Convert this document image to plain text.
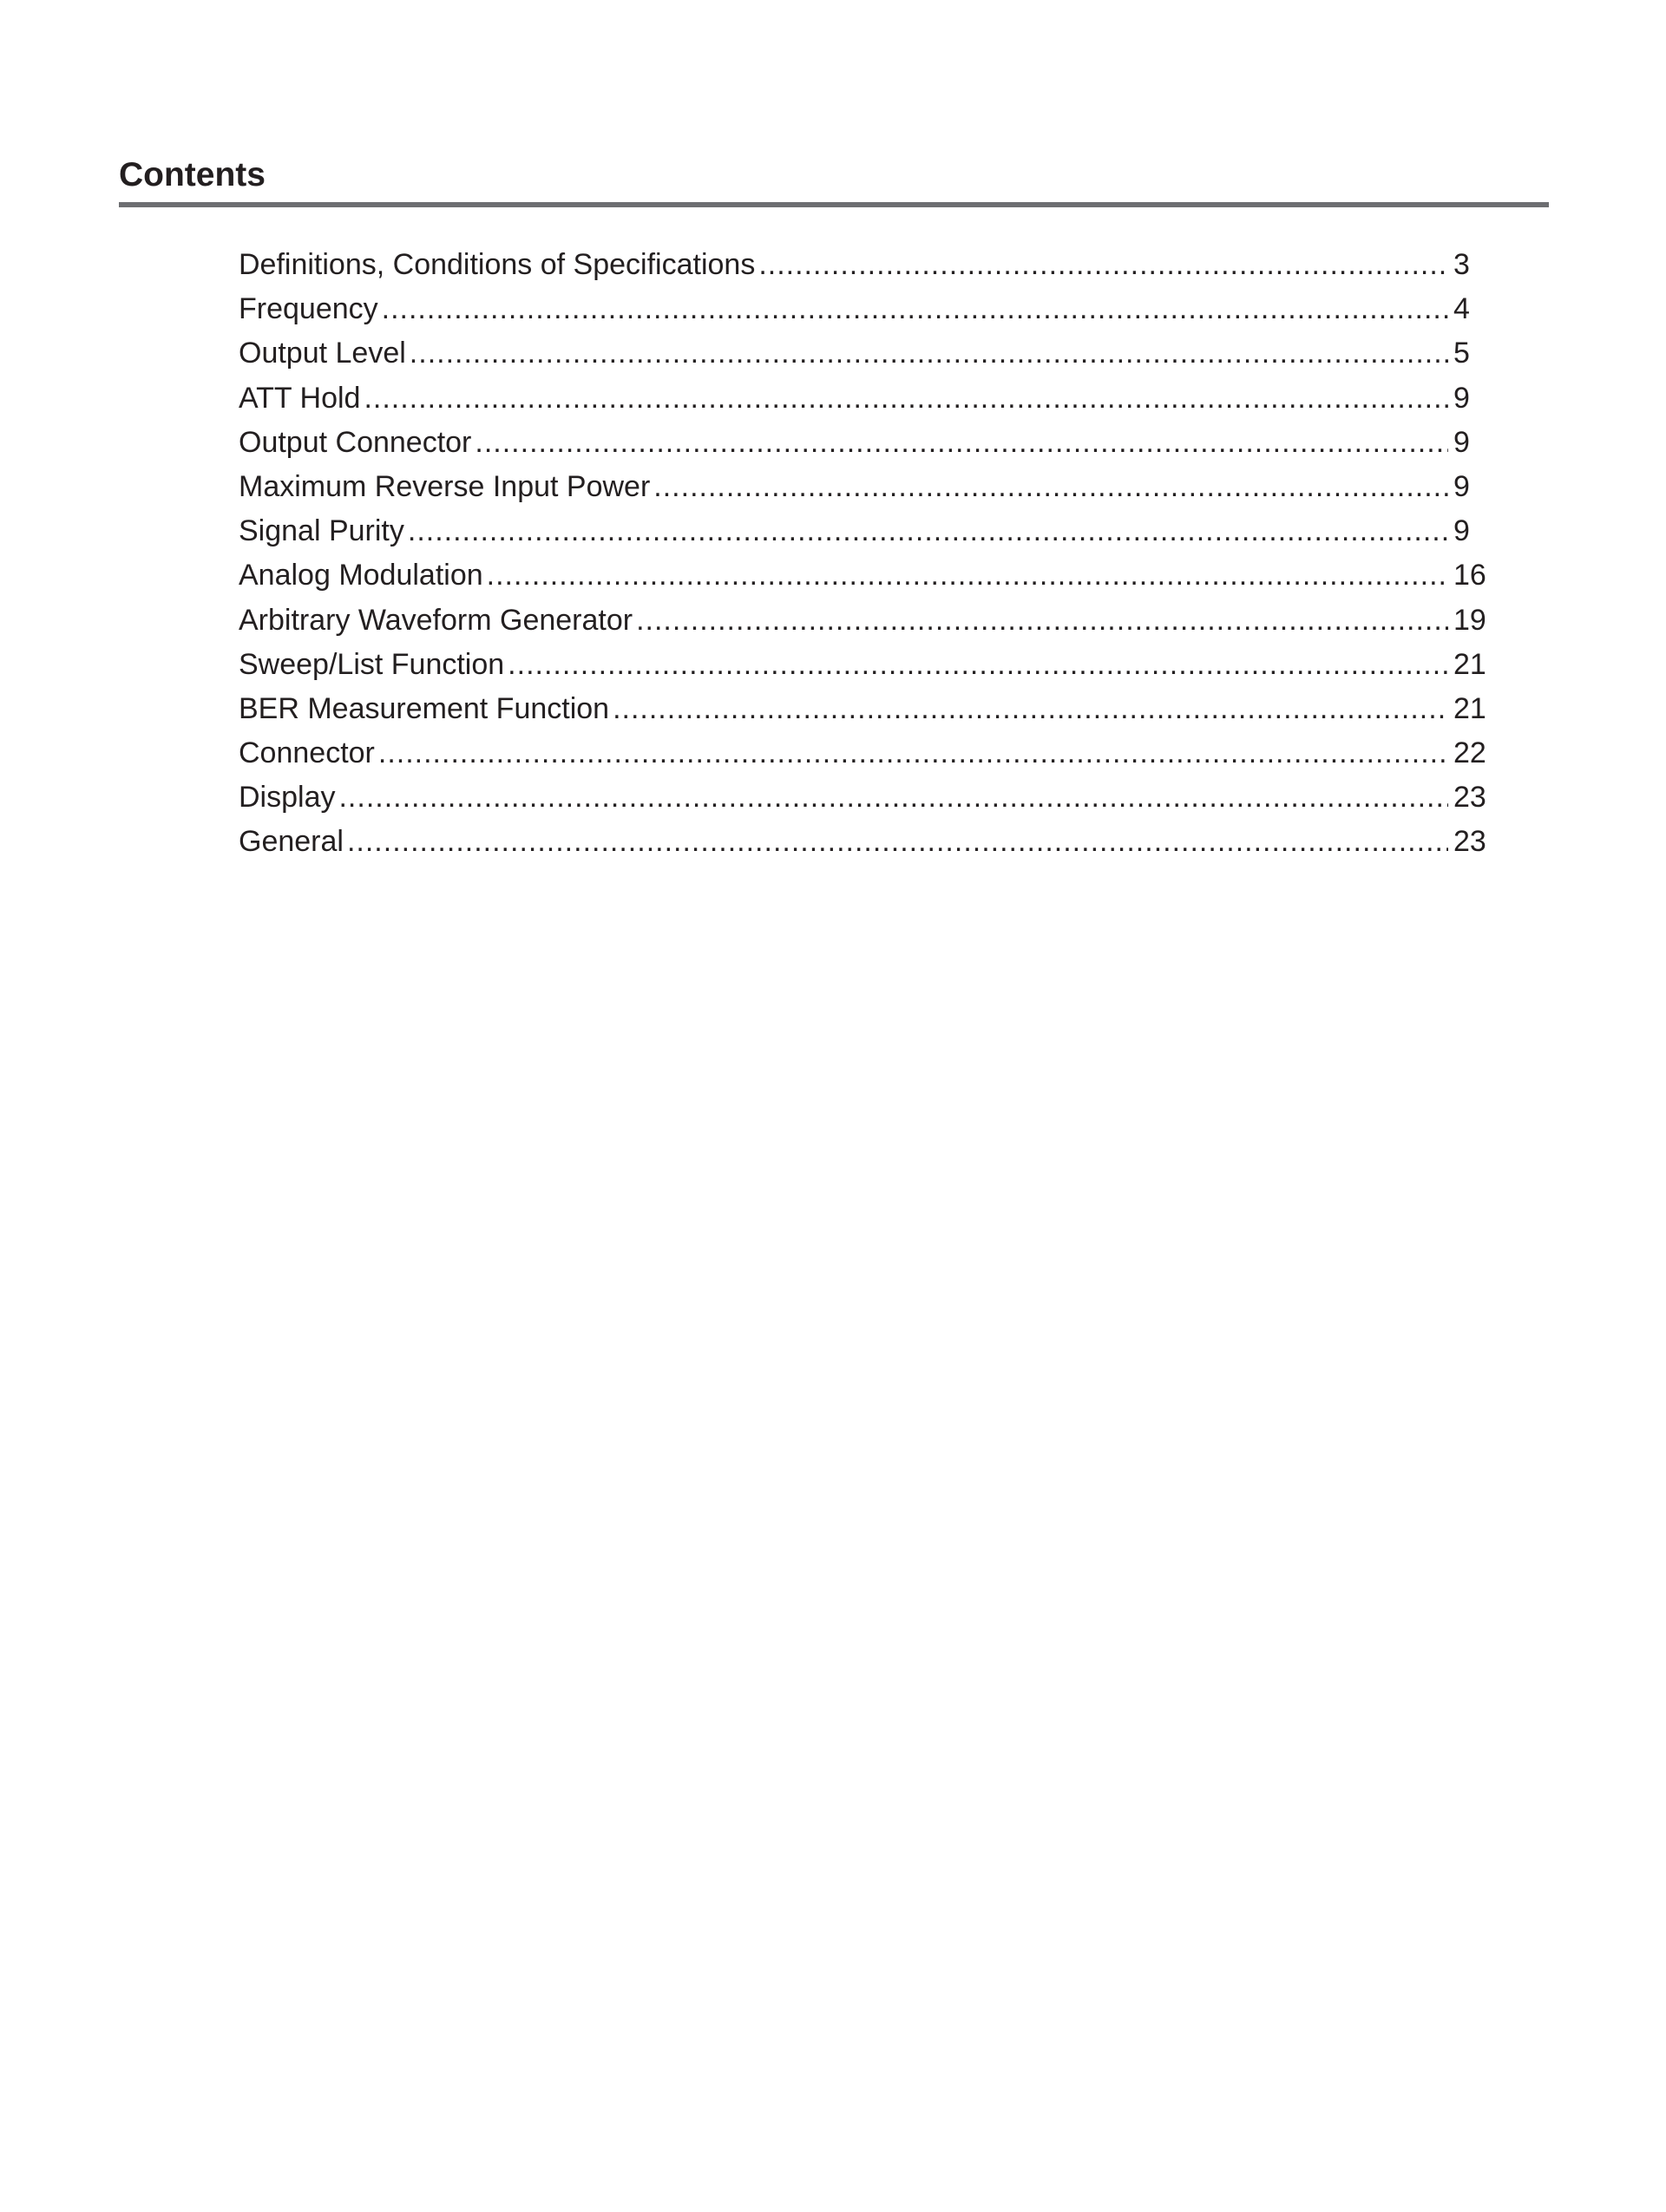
Contents
Definitions, Conditions of Specifications .....	3
Frequency .....	4
Output Level .....	5
ATT Hold .....	9
Output Connector .....	9
Maximum Reverse Input Power .....	9
Signal Purity .....	9
Analog Modulation .....	16
Arbitrary Waveform Generator .....	19
Sweep/List Function .....	21
BER Measurement Function .....	21
Connector .....	22
Display .....	23
General .....	23
